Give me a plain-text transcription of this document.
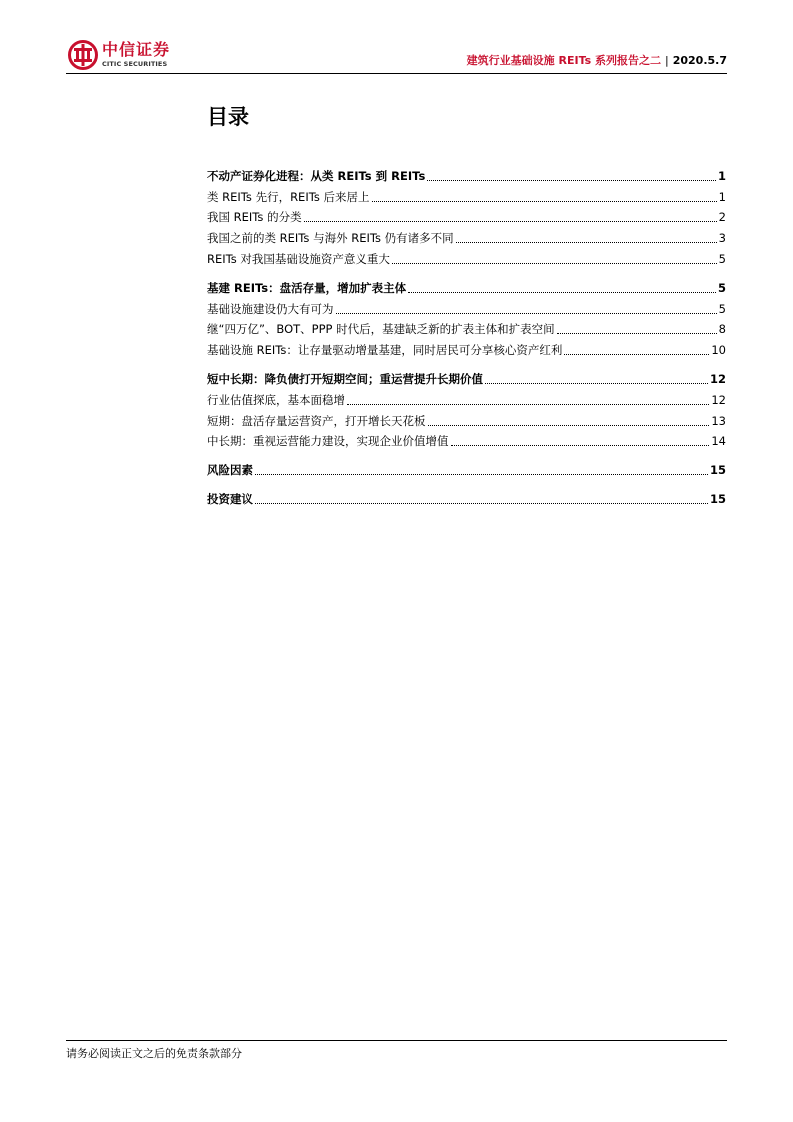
中信证券
CITIC SECURITIES	建筑行业基础设施 REITs 系列报告之二 | 2020.5.7
目录
不动产证券化进程：从类 REITs 到 REITs	1
类 REITs 先行，REITs 后来居上	1
我国 REITs 的分类	2
我国之前的类 REITs 与海外 REITs 仍有诸多不同	3
REITs 对我国基础设施资产意义重大	5
基建 REITs：盘活存量，增加扩表主体	5
基础设施建设仍大有可为	5
继“四万亿”、BOT、PPP 时代后，基建缺乏新的扩表主体和扩表空间	8
基础设施 REITs：让存量驱动增量基建，同时居民可分享核心资产红利	10
短中长期：降负债打开短期空间；重运营提升长期价值	12
行业估值探底，基本面稳增	12
短期：盘活存量运营资产，打开增长天花板	13
中长期：重视运营能力建设，实现企业价值增值	14
风险因素	15
投资建议	15
请务必阅读正文之后的免责条款部分
